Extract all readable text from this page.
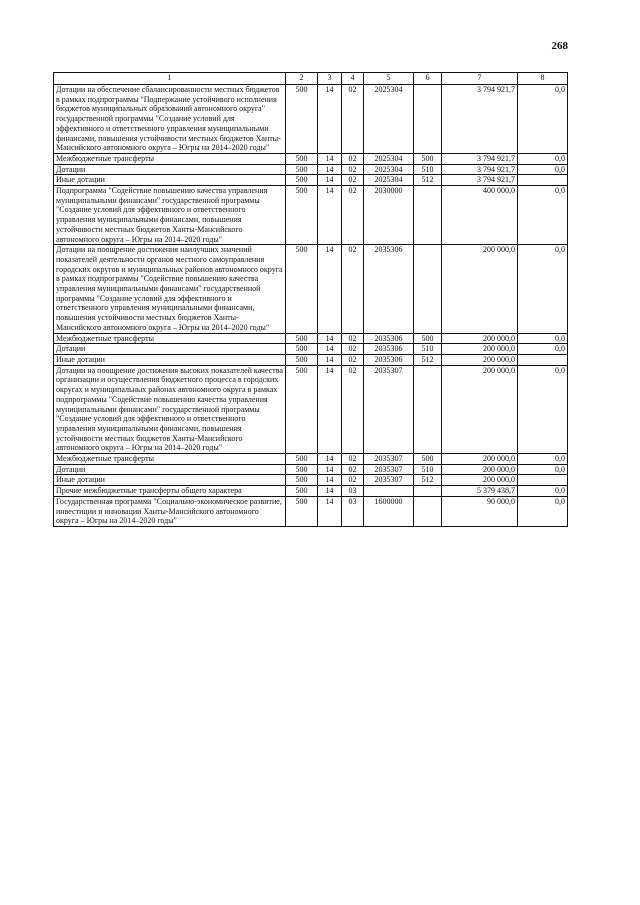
268
1	2	3	4	5	6	7	8
Дотации на обеспечение сбалансированности местных бюджетов в рамках подпрограммы "Подпержание устойчивого исполнения бюджетов муниципальных образований автономного округа" государственной программы "Создание условий для эффективного и ответственного управления муниципальными финансами, повышения устойчивости местных бюджетов Ханты-Мансийского автономного округа – Югры на 2014–2020 годы"	500	14	02	2025304		3 794 921,7	0,0
Межбюджетные трансферты	500	14	02	2025304	500	3 794 921,7	0,0
Дотации	500	14	02	2025304	510	3 794 921,7	0,0
Иные дотации	500	14	02	2025304	512	3 794 921,7	
Подпрограмма "Содействие повышению качества управления муниципальными финансами" государственной программы "Создание условий для эффективного и ответственного управления муниципальными финансами, повышения устойчивости местных бюджетов Ханты-Мансийского автономного округа – Югры на 2014–2020 годы"	500	14	02	2030000		400 000,0	0,0
Дотации на поощрение достижения наилучших значений показателей деятельности органов местного самоуправления городских округов и муниципальных районов автономного округа в рамках подпрограммы "Содействие повышению качества управления муниципальными финансами" государственной программы "Создание условий для эффективного и ответственного управления муниципальными финансами, повышения устойчивости местных бюджетов Ханты-Мансийского автономного округа – Югры на 2014–2020 годы"	500	14	02	2035306		200 000,0	0,0
Межбюджетные трансферты	500	14	02	2035306	500	200 000,0	0,0
Дотации	500	14	02	2035306	510	200 000,0	0,0
Иные дотации	500	14	02	2035306	512	200 000,0	
Дотации на поощрение достижения высоких показателей качества организации и осуществления бюджетного процесса в городских округах и муниципальных районах автономного округа в рамках подпрограммы "Содействие повышению качества управления муниципальными финансами" государственной программы "Создание условий для эффективного и ответственного управления муниципальными финансами, повышения устойчивости местных бюджетов Ханты-Мансийского автономного округа – Югры на 2014–2020 годы"	500	14	02	2035307		200 000,0	0,0
Межбюджетные трансферты	500	14	02	2035307	500	200 000,0	0,0
Дотации	500	14	02	2035307	510	200 000,0	0,0
Иные дотации	500	14	02	2035307	512	200 000,0	
Прочие межбюджетные трансферты общего характера	500	14	03			5 379 438,7	0,0
Государственная программа "Социально-экономическое развитие, инвестиции и инновации Ханты-Мансийского автономного округа – Югры на 2014–2020 годы"	500	14	03	1600000		90 000,0	0,0
